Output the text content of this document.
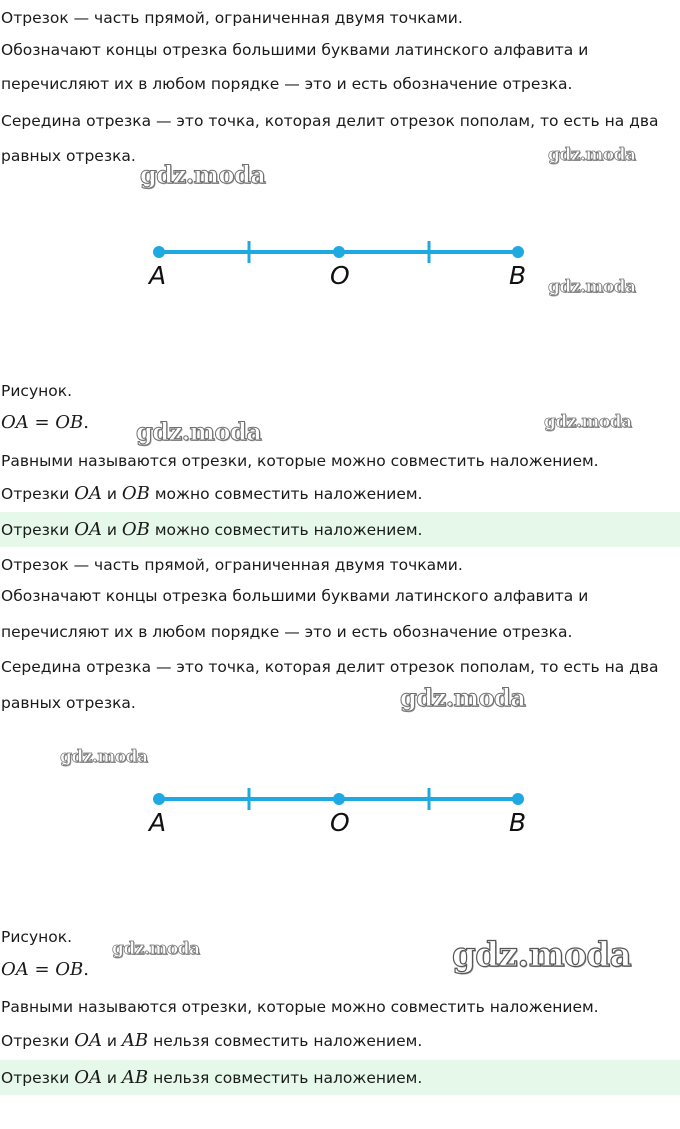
Отрезок — часть прямой, ограниченная двумя точками.
Обозначают концы отрезка большими буквами латинского алфавита и
перечисляют их в любом порядке — это и есть обозначение отрезка.
Середина отрезка — это точка, которая делит отрезок пополам, то есть на два
равных отрезка.
A	O	B
Рисунок.
OA = OB.
Равными называются отрезки, которые можно совместить наложением.
Отрезки OA и OB можно совместить наложением.
Отрезки OA и OB можно совместить наложением.
Отрезок — часть прямой, ограниченная двумя точками.
Обозначают концы отрезка большими буквами латинского алфавита и
перечисляют их в любом порядке — это и есть обозначение отрезка.
Середина отрезка — это точка, которая делит отрезок пополам, то есть на два
равных отрезка.
A	O	B
Рисунок.
OA = OB.
Равными называются отрезки, которые можно совместить наложением.
Отрезки OA и AB нельзя совместить наложением.
Отрезки OA и AB нельзя совместить наложением.
gdz.moda
gdz.moda
gdz.moda
gdz.moda	gdz.moda
gdz.moda
gdz.moda
gdz.moda	gdz.moda
